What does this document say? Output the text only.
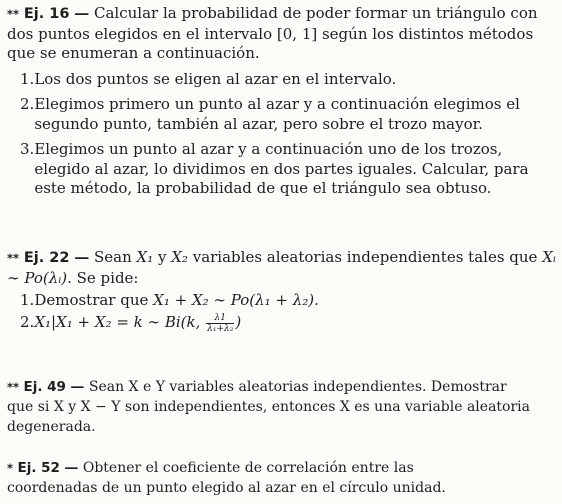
** Ej. 16 — Calcular la probabilidad de poder formar un triángulo con dos puntos elegidos en el intervalo [0, 1] según los distintos métodos que se enumeran a continuación.
1. Los dos puntos se eligen al azar en el intervalo.
2. Elegimos primero un punto al azar y a continuación elegimos el segundo punto, también al azar, pero sobre el trozo mayor.
3. Elegimos un punto al azar y a continuación uno de los trozos, elegido al azar, lo dividimos en dos partes iguales. Calcular, para este método, la probabilidad de que el triángulo sea obtuso.
** Ej. 22 — Sean X₁ y X₂ variables aleatorias independientes tales que Xᵢ ∼ Po(λᵢ). Se pide:
1.Demostrar que X₁ + X₂ ∼ Po(λ₁ + λ₂).
2.X₁|X₁ + X₂ = k ∼ Bi(k, $\frac{\lambda 1}{\text{λ₁+λ₂}}$ )
** Ej. 49 — Sean X e Y variables aleatorias independientes. Demostrar que si X y X − Y son independientes, entonces X es una variable aleatoria degenerada.
* Ej. 52 — Obtener el coeficiente de correlación entre las coordenadas de un punto elegido al azar en el círculo unidad.
